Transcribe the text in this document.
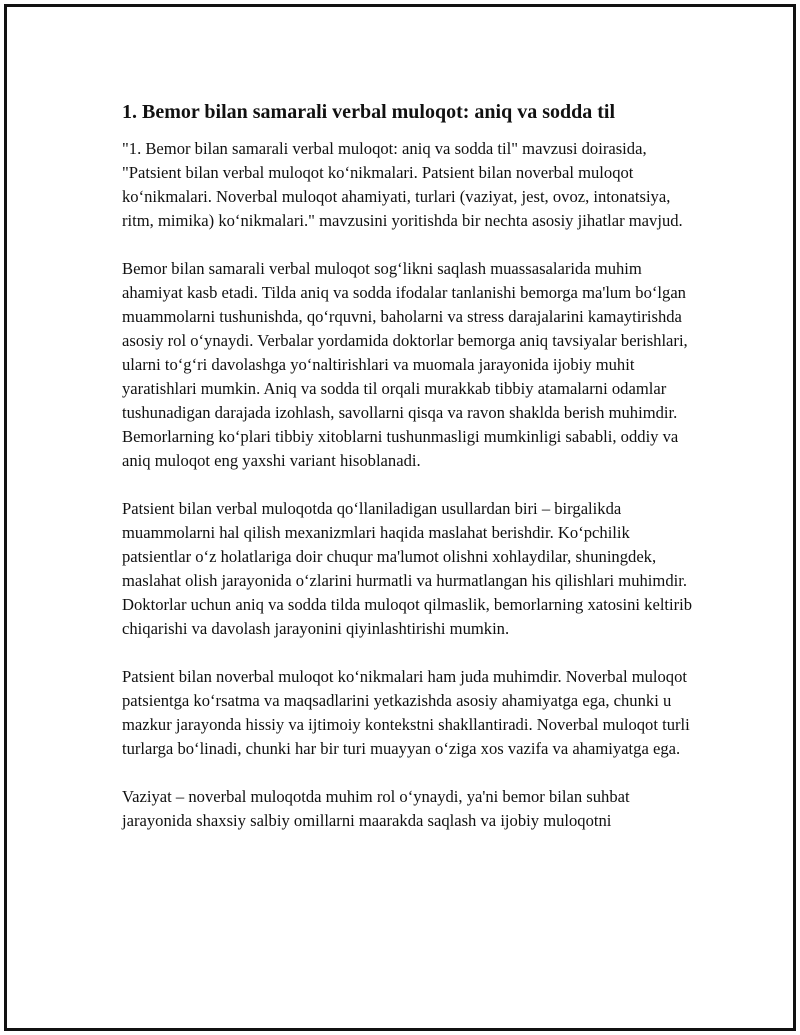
1. Bemor bilan samarali verbal muloqot: aniq va sodda til

"1. Bemor bilan samarali verbal muloqot: aniq va sodda til" mavzusi doirasida, "Patsient bilan verbal muloqot koʻnikmalari. Patsient bilan noverbal muloqot koʻnikmalari. Noverbal muloqot ahamiyati, turlari (vaziyat, jest, ovoz, intonatsiya, ritm, mimika) koʻnikmalari." mavzusini yoritishda bir nechta asosiy jihatlar mavjud.

Bemor bilan samarali verbal muloqot sogʻlikni saqlash muassasalarida muhim ahamiyat kasb etadi. Tilda aniq va sodda ifodalar tanlanishi bemorga ma'lum boʻlgan muammolarni tushunishda, qoʻrquvni, baholarni va stress darajalarini kamaytirishda asosiy rol oʻynaydi. Verbalar yordamida doktorlar bemorga aniq tavsiyalar berishlari, ularni toʻgʻri davolashga yoʻnaltirishlari va muomala jarayonida ijobiy muhit yaratishlari mumkin. Aniq va sodda til orqali murakkab tibbiy atamalarni odamlar tushunadigan darajada izohlash, savollarni qisqa va ravon shaklda berish muhimdir. Bemorlarning koʻplari tibbiy xitoblarni tushunmasligi mumkinligi sababli, oddiy va aniq muloqot eng yaxshi variant hisoblanadi.

Patsient bilan verbal muloqotda qoʻllaniladigan usullardan biri – birgalikda muammolarni hal qilish mexanizmlari haqida maslahat berishdir. Koʻpchilik patsientlar oʻz holatlariga doir chuqur ma'lumot olishni xohlaydilar, shuningdek, maslahat olish jarayonida oʻzlarini hurmatli va hurmatlangan his qilishlari muhimdir. Doktorlar uchun aniq va sodda tilda muloqot qilmaslik, bemorlarning xatosini keltirib chiqarishi va davolash jarayonini qiyinlashtirishi mumkin.

Patsient bilan noverbal muloqot koʻnikmalari ham juda muhimdir. Noverbal muloqot patsientga koʻrsatma va maqsadlarini yetkazishda asosiy ahamiyatga ega, chunki u mazkur jarayonda hissiy va ijtimoiy kontekstni shakllantiradi. Noverbal muloqot turli turlarga boʻlinadi, chunki har bir turi muayyan oʻziga xos vazifa va ahamiyatga ega.

Vaziyat – noverbal muloqotda muhim rol oʻynaydi, ya'ni bemor bilan suhbat jarayonida shaxsiy salbiy omillarni maarakda saqlash va ijobiy muloqotni
